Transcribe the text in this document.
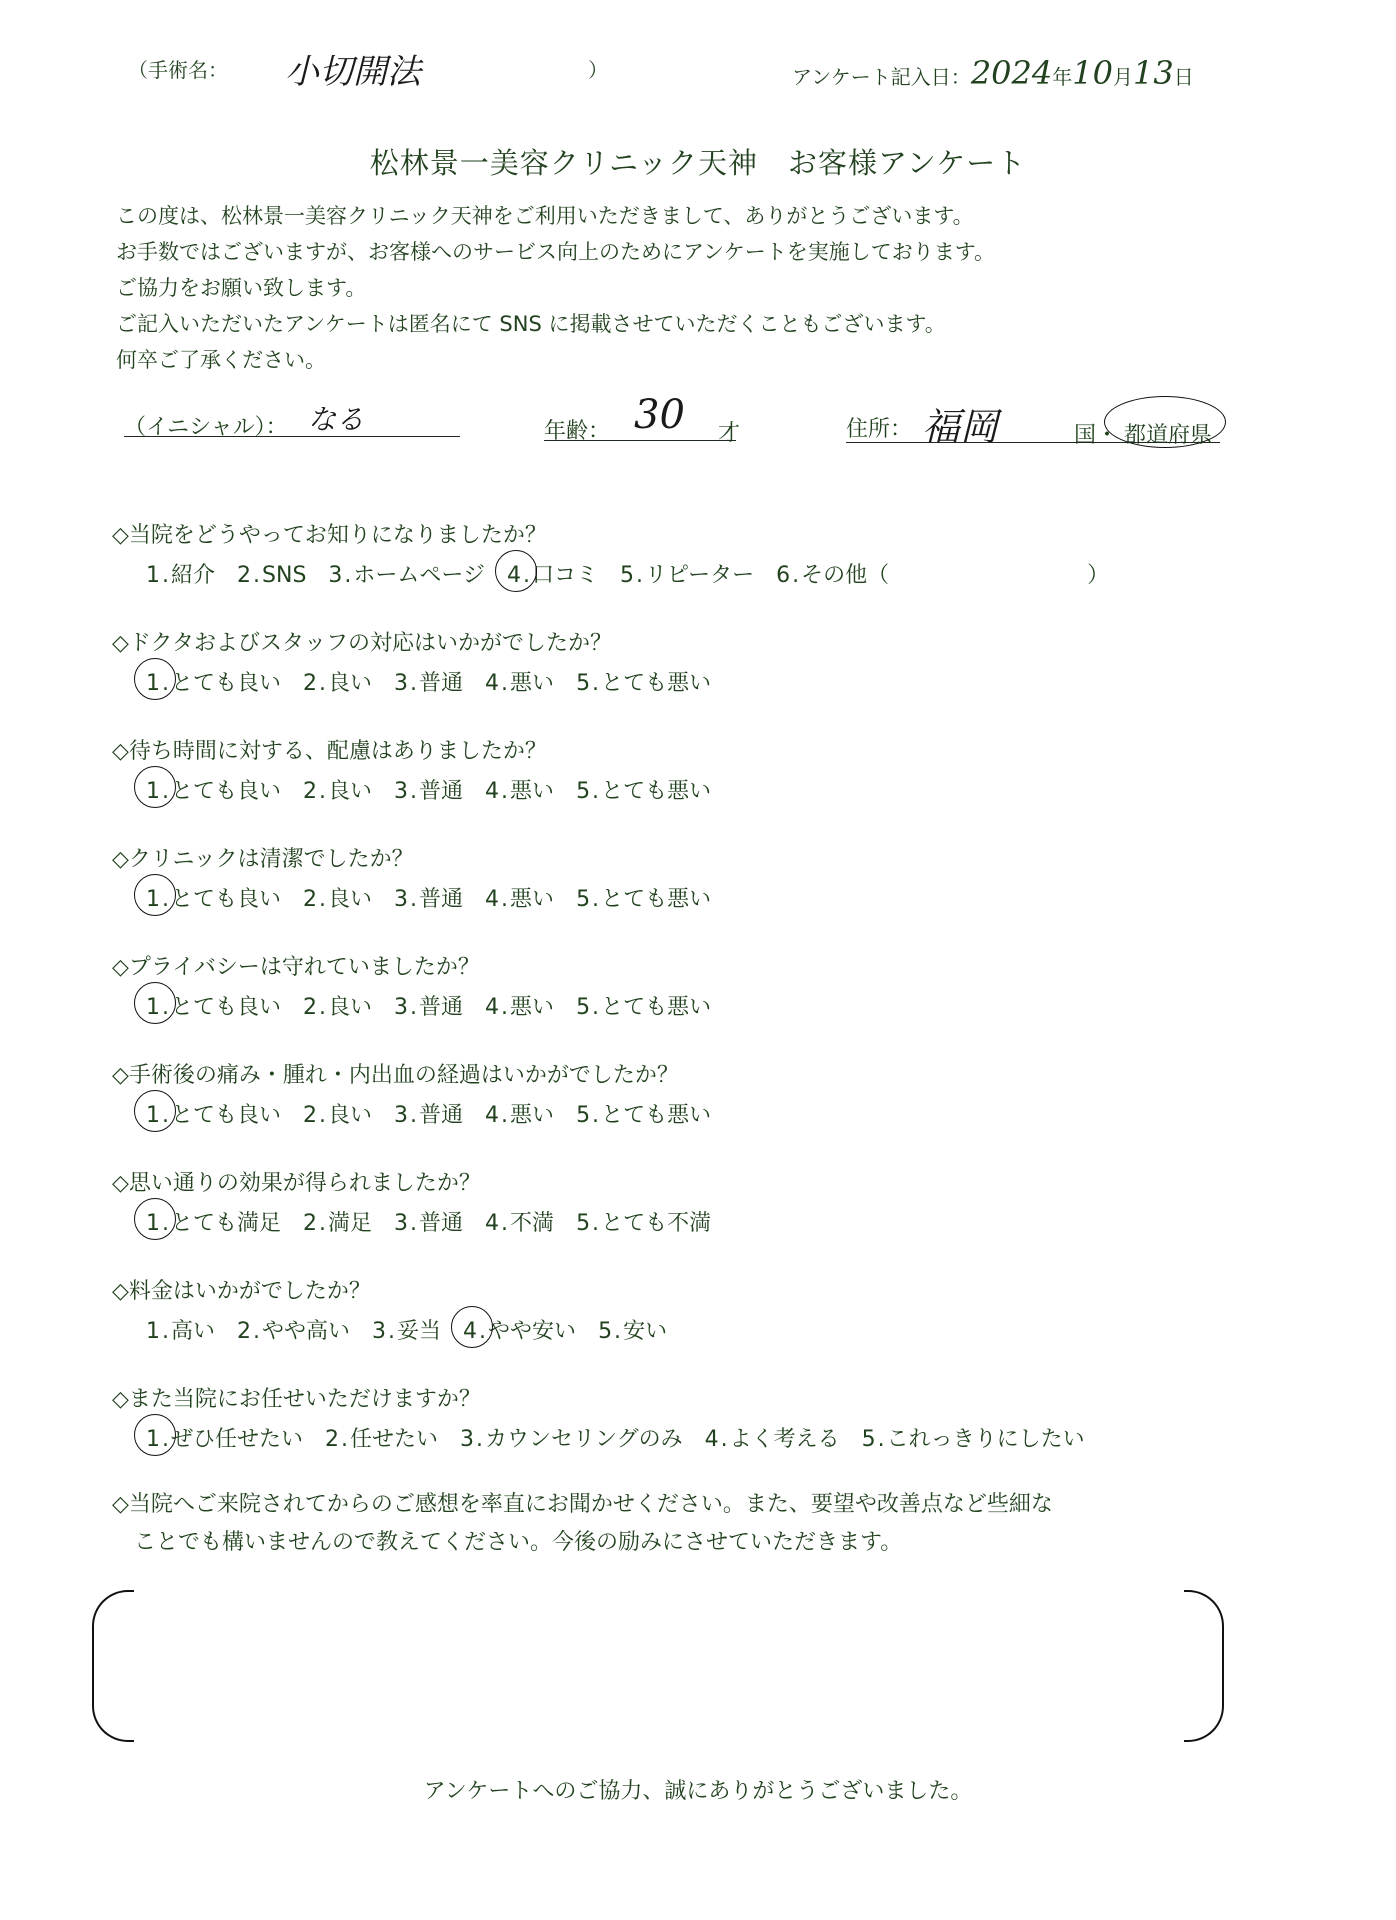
（手術名： 小切開法	）	アンケート記入日：2024年10月13日
松林景一美容クリニック天神　お客様アンケート
この度は、松林景一美容クリニック天神をご利用いただきまして、ありがとうございます。
お手数ではございますが、お客様へのサービス向上のためにアンケートを実施しております。
ご協力をお願い致します。
ご記入いただいたアンケートは匿名にて SNS に掲載させていただくこともございます。
何卒ご了承ください。
（イニシャル）： なる	年齢： 30 才	住所： 福岡	国・ 都道府県
◇当院をどうやってお知りになりましたか？
1.紹介 2.SNS 3.ホームページ 4.口コミ 5.リピーター 6.その他（　　　　　　　　　）
◇ドクタおよびスタッフの対応はいかがでしたか？
1.とても良い 2.良い 3.普通 4.悪い 5.とても悪い
◇待ち時間に対する、配慮はありましたか？
1.とても良い 2.良い 3.普通 4.悪い 5.とても悪い
◇クリニックは清潔でしたか？
1.とても良い 2.良い 3.普通 4.悪い 5.とても悪い
◇プライバシーは守れていましたか？
1.とても良い 2.良い 3.普通 4.悪い 5.とても悪い
◇手術後の痛み・腫れ・内出血の経過はいかがでしたか？
1.とても良い 2.良い 3.普通 4.悪い 5.とても悪い
◇思い通りの効果が得られましたか？
1.とても満足 2.満足 3.普通 4.不満 5.とても不満
◇料金はいかがでしたか？
1.高い 2.やや高い 3.妥当 4.やや安い 5.安い
◇また当院にお任せいただけますか？
1.ぜひ任せたい 2.任せたい 3.カウンセリングのみ 4.よく考える 5.これっきりにしたい
◇当院へご来院されてからのご感想を率直にお聞かせください。また、要望や改善点など些細な
　ことでも構いませんので教えてください。今後の励みにさせていただきます。
アンケートへのご協力、誠にありがとうございました。
